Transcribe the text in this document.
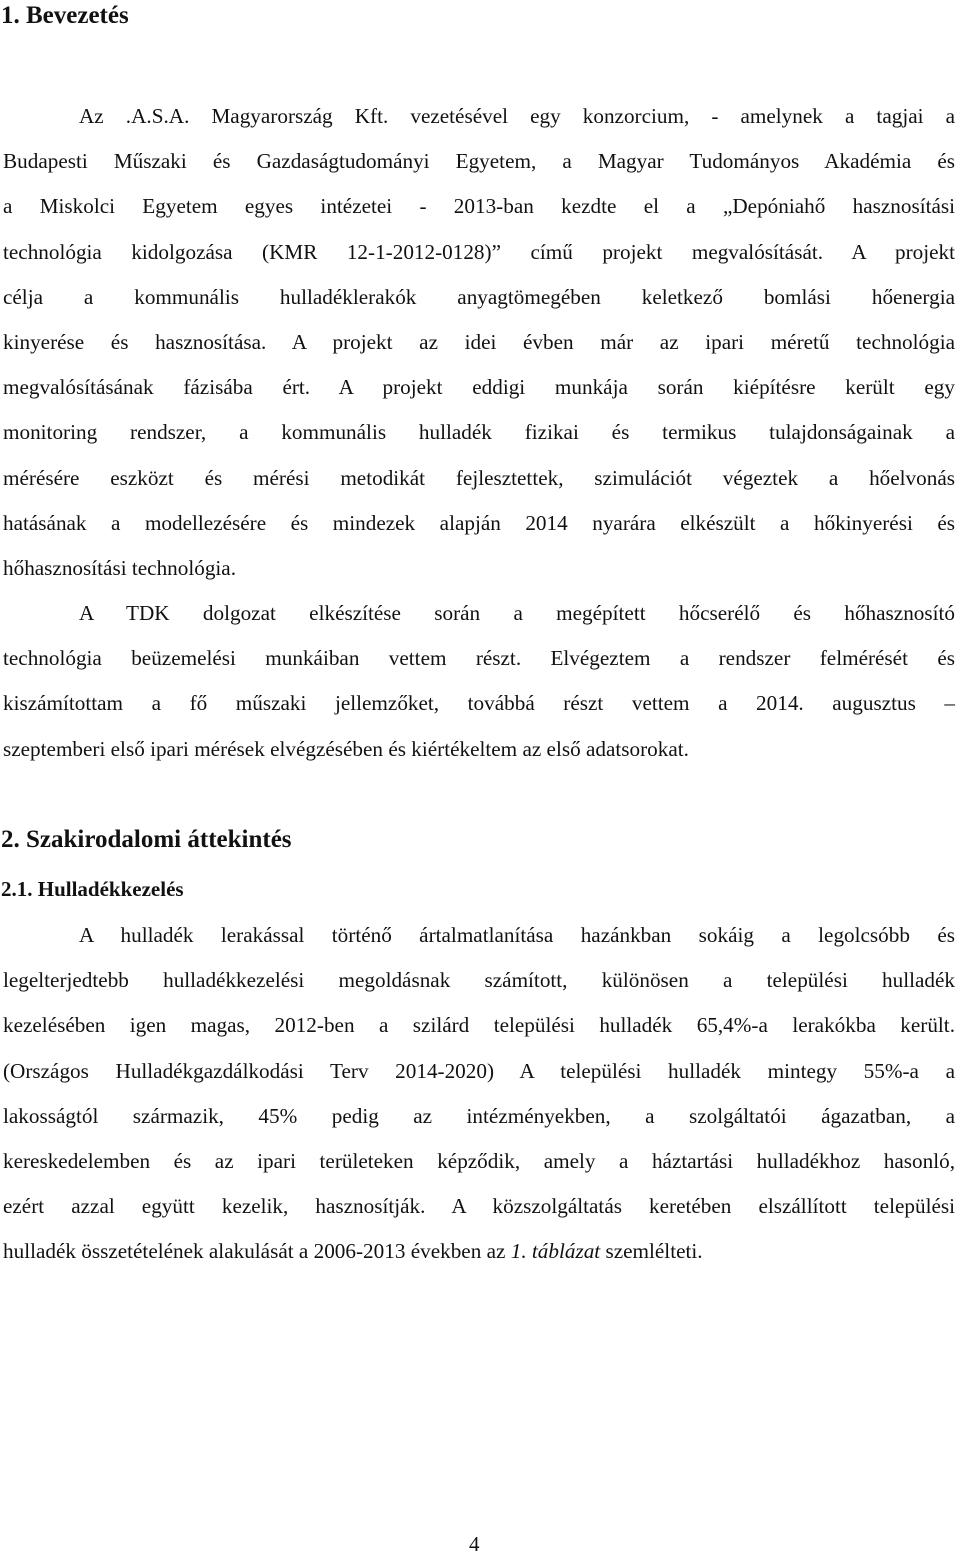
1. Bevezetés
Az .A.S.A. Magyarország Kft. vezetésével egy konzorcium, - amelynek a tagjai a
Budapesti Műszaki és Gazdaságtudományi Egyetem, a Magyar Tudományos Akadémia és
a Miskolci Egyetem egyes intézetei - 2013-ban kezdte el a „Depóniahő hasznosítási
technológia kidolgozása (KMR 12-1-2012-0128)” című projekt megvalósítását. A projekt
célja a kommunális hulladéklerakók anyagtömegében keletkező bomlási hőenergia
kinyerése és hasznosítása. A projekt az idei évben már az ipari méretű technológia
megvalósításának fázisába ért. A projekt eddigi munkája során kiépítésre került egy
monitoring rendszer, a kommunális hulladék fizikai és termikus tulajdonságainak a
mérésére eszközt és mérési metodikát fejlesztettek, szimulációt végeztek a hőelvonás
hatásának a modellezésére és mindezek alapján 2014 nyarára elkészült a hőkinyerési és
hőhasznosítási technológia.
A TDK dolgozat elkészítése során a megépített hőcserélő és hőhasznosító
technológia beüzemelési munkáiban vettem részt. Elvégeztem a rendszer felmérését és
kiszámítottam a fő műszaki jellemzőket, továbbá részt vettem a 2014. augusztus –
szeptemberi első ipari mérések elvégzésében és kiértékeltem az első adatsorokat.
2. Szakirodalomi áttekintés
2.1. Hulladékkezelés
A hulladék lerakással történő ártalmatlanítása hazánkban sokáig a legolcsóbb és
legelterjedtebb hulladékkezelési megoldásnak számított, különösen a települési hulladék
kezelésében igen magas, 2012-ben a szilárd települési hulladék 65,4%-a lerakókba került.
(Országos Hulladékgazdálkodási Terv 2014-2020) A települési hulladék mintegy 55%-a a
lakosságtól származik, 45% pedig az intézményekben, a szolgáltatói ágazatban, a
kereskedelemben és az ipari területeken képződik, amely a háztartási hulladékhoz hasonló,
ezért azzal együtt kezelik, hasznosítják. A közszolgáltatás keretében elszállított települési
hulladék összetételének alakulását a 2006-2013 években az 1. táblázat szemlélteti.
4
